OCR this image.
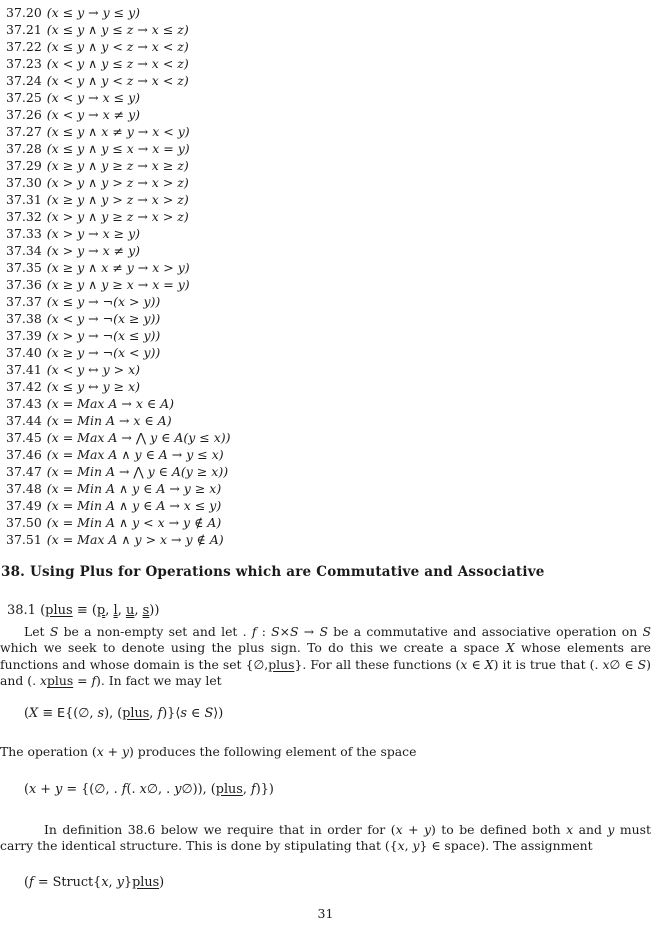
37.20 (x ≤ y → y ≤ y)
37.21 (x ≤ y ∧ y ≤ z → x ≤ z)
37.22 (x ≤ y ∧ y < z → x < z)
37.23 (x < y ∧ y ≤ z → x < z)
37.24 (x < y ∧ y < z → x < z)
37.25 (x < y → x ≤ y)
37.26 (x < y → x ≠ y)
37.27 (x ≤ y ∧ x ≠ y → x < y)
37.28 (x ≤ y ∧ y ≤ x → x = y)
37.29 (x ≥ y ∧ y ≥ z → x ≥ z)
37.30 (x > y ∧ y > z → x > z)
37.31 (x ≥ y ∧ y > z → x > z)
37.32 (x > y ∧ y ≥ z → x > z)
37.33 (x > y → x ≥ y)
37.34 (x > y → x ≠ y)
37.35 (x ≥ y ∧ x ≠ y → x > y)
37.36 (x ≥ y ∧ y ≥ x → x = y)
37.37 (x ≤ y → ¬(x > y))
37.38 (x < y → ¬(x ≥ y))
37.39 (x > y → ¬(x ≤ y))
37.40 (x ≥ y → ¬(x < y))
37.41 (x < y ↔ y > x)
37.42 (x ≤ y ↔ y ≥ x)
37.43 (x = Max A → x ∈ A)
37.44 (x = Min A → x ∈ A)
37.45 (x = Max A → ⋀ y ∈ A(y ≤ x))
37.46 (x = Max A ∧ y ∈ A → y ≤ x)
37.47 (x = Min A → ⋀ y ∈ A(y ≥ x))
37.48 (x = Min A ∧ y ∈ A → y ≥ x)
37.49 (x = Min A ∧ y ∈ A → x ≤ y)
37.50 (x = Min A ∧ y < x → y ∉ A)
37.51 (x = Max A ∧ y > x → y ∉ A)
38. Using Plus for Operations which are Commutative and Associative
38.1 (plus ≡ (p, l, u, s))

Let S be a non-empty set and let . f : S×S → S be a commutative and associative operation on S which we seek to denote using the plus sign. To do this we create a space X whose elements are functions and whose domain is the set {∅,plus}. For all these functions (x ∈ X) it is true that (. x∅ ∈ S) and (. xplus = f). In fact we may let

(X ≡ E{(∅, s), (plus, f)}⟨s ∈ S⟩)

The operation (x + y) produces the following element of the space

(x + y = {(∅, . f(. x∅, . y∅)), (plus, f)})

In definition 38.6 below we require that in order for (x + y) to be defined both x and y must carry the identical structure. This is done by stipulating that ({x, y} ∈ space). The assignment

(f = Struct{x, y}plus)
31
